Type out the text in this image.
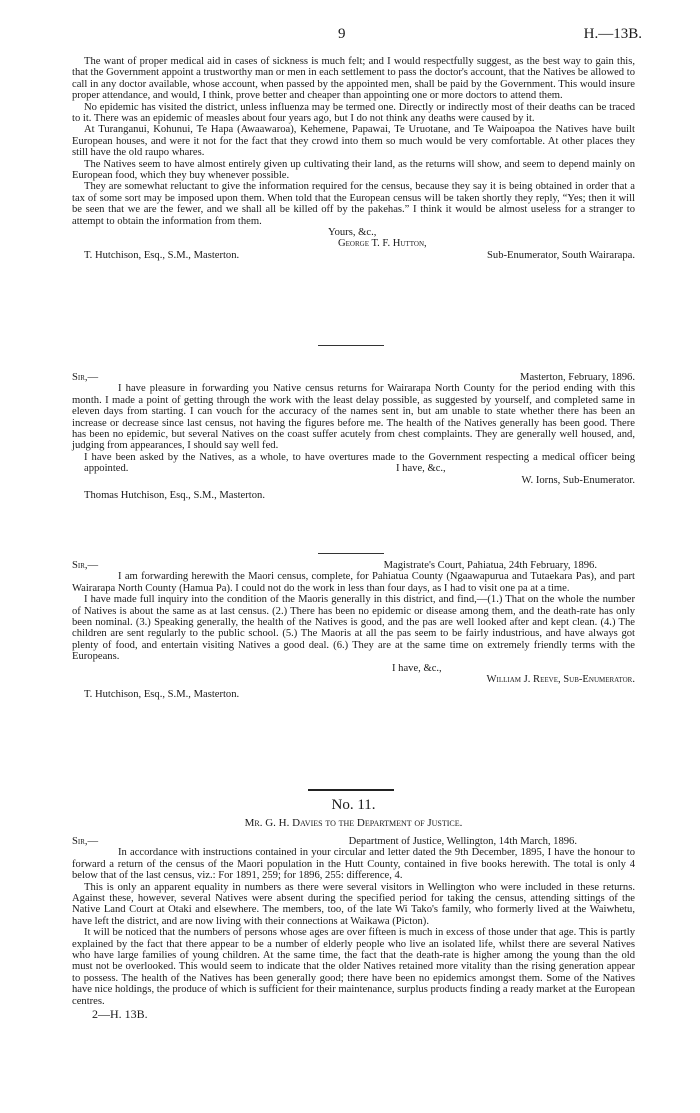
9	H.—13B.

The want of proper medical aid in cases of sickness is much felt; and I would respectfully suggest, as the best way to gain this, that the Government appoint a trustworthy man or men in each settlement to pass the doctor's account, that the Natives be allowed to call in any doctor available, whose account, when passed by the appointed men, shall be paid by the Government. This would insure proper attendance, and would, I think, prove better and cheaper than appointing one or more doctors to attend them.

No epidemic has visited the district, unless influenza may be termed one. Directly or indirectly most of their deaths can be traced to it. There was an epidemic of measles about four years ago, but I do not think any deaths were caused by it.

At Turanganui, Kohunui, Te Hapa (Awaawaroa), Kehemene, Papawai, Te Uruotane, and Te Waipoapoa the Natives have built European houses, and were it not for the fact that they crowd into them so much would be very comfortable. At other places they still have the old raupo whares.

The Natives seem to have almost entirely given up cultivating their land, as the returns will show, and seem to depend mainly on European food, which they buy whenever possible.

They are somewhat reluctant to give the information required for the census, because they say it is being obtained in order that a tax of some sort may be imposed upon them. When told that the European census will be taken shortly they reply, “Yes; then it will be seen that we are the fewer, and we shall all be killed off by the pakehas.” I think it would be almost useless for a stranger to attempt to obtain the information from them.

Yours, &c.,
George T. F. Hutton,
T. Hutchison, Esq., S.M., Masterton.	Sub-Enumerator, South Wairarapa.
Sir,—	Masterton, February, 1896.

I have pleasure in forwarding you Native census returns for Wairarapa North County for the period ending with this month. I made a point of getting through the work with the least delay possible, as suggested by yourself, and completed same in eleven days from starting. I can vouch for the accuracy of the names sent in, but am unable to state whether there has been an increase or decrease since last census, not having the figures before me. The health of the Natives generally has been good. There has been no epidemic, but several Natives on the coast suffer acutely from chest complaints. They are generally well housed, and, judging from appearances, I should say well fed.

I have been asked by the Natives, as a whole, to have overtures made to the Government respecting a medical officer being appointed.	I have, &c.,
W. Iorns, Sub-Enumerator.
Thomas Hutchison, Esq., S.M., Masterton.
Sir,—	Magistrate's Court, Pahiatua, 24th February, 1896.

I am forwarding herewith the Maori census, complete, for Pahiatua County (Ngaawapurua and Tutaekara Pas), and part Wairarapa North County (Hamua Pa). I could not do the work in less than four days, as I had to visit one pa at a time.

I have made full inquiry into the condition of the Maoris generally in this district, and find,—(1.) That on the whole the number of Natives is about the same as at last census. (2.) There has been no epidemic or disease among them, and the death-rate has only been nominal. (3.) Speaking generally, the health of the Natives is good, and the pas are well looked after and kept clean. (4.) The children are sent regularly to the public school. (5.) The Maoris at all the pas seem to be fairly industrious, and have always got plenty of food, and entertain visiting Natives a good deal. (6.) They are at the same time on extremely friendly terms with the Europeans.

I have, &c.,
William J. Reeve, Sub-Enumerator.
T. Hutchison, Esq., S.M., Masterton.
No. 11.
Mr. G. H. Davies to the Department of Justice.
Sir,—	Department of Justice, Wellington, 14th March, 1896.

In accordance with instructions contained in your circular and letter dated the 9th December, 1895, I have the honour to forward a return of the census of the Maori population in the Hutt County, contained in five books herewith. The total is only 4 below that of the last census, viz.: For 1891, 259; for 1896, 255: difference, 4.

This is only an apparent equality in numbers as there were several visitors in Wellington who were included in these returns. Against these, however, several Natives were absent during the specified period for taking the census, attending sittings of the Native Land Court at Otaki and elsewhere. The members, too, of the late Wi Tako's family, who formerly lived at the Waiwhetu, have left the district, and are now living with their connections at Waikawa (Picton).

It will be noticed that the numbers of persons whose ages are over fifteen is much in excess of those under that age. This is partly explained by the fact that there appear to be a number of elderly people who live an isolated life, whilst there are several Natives who have large families of young children. At the same time, the fact that the death-rate is higher among the young than the old must not be overlooked. This would seem to indicate that the older Natives retained more vitality than the rising generation appear to possess. The health of the Natives has been generally good; there have been no epidemics amongst them. Some of the Natives have nice holdings, the produce of which is sufficient for their maintenance, surplus products finding a ready market at the European centres.

2—H. 13B.
